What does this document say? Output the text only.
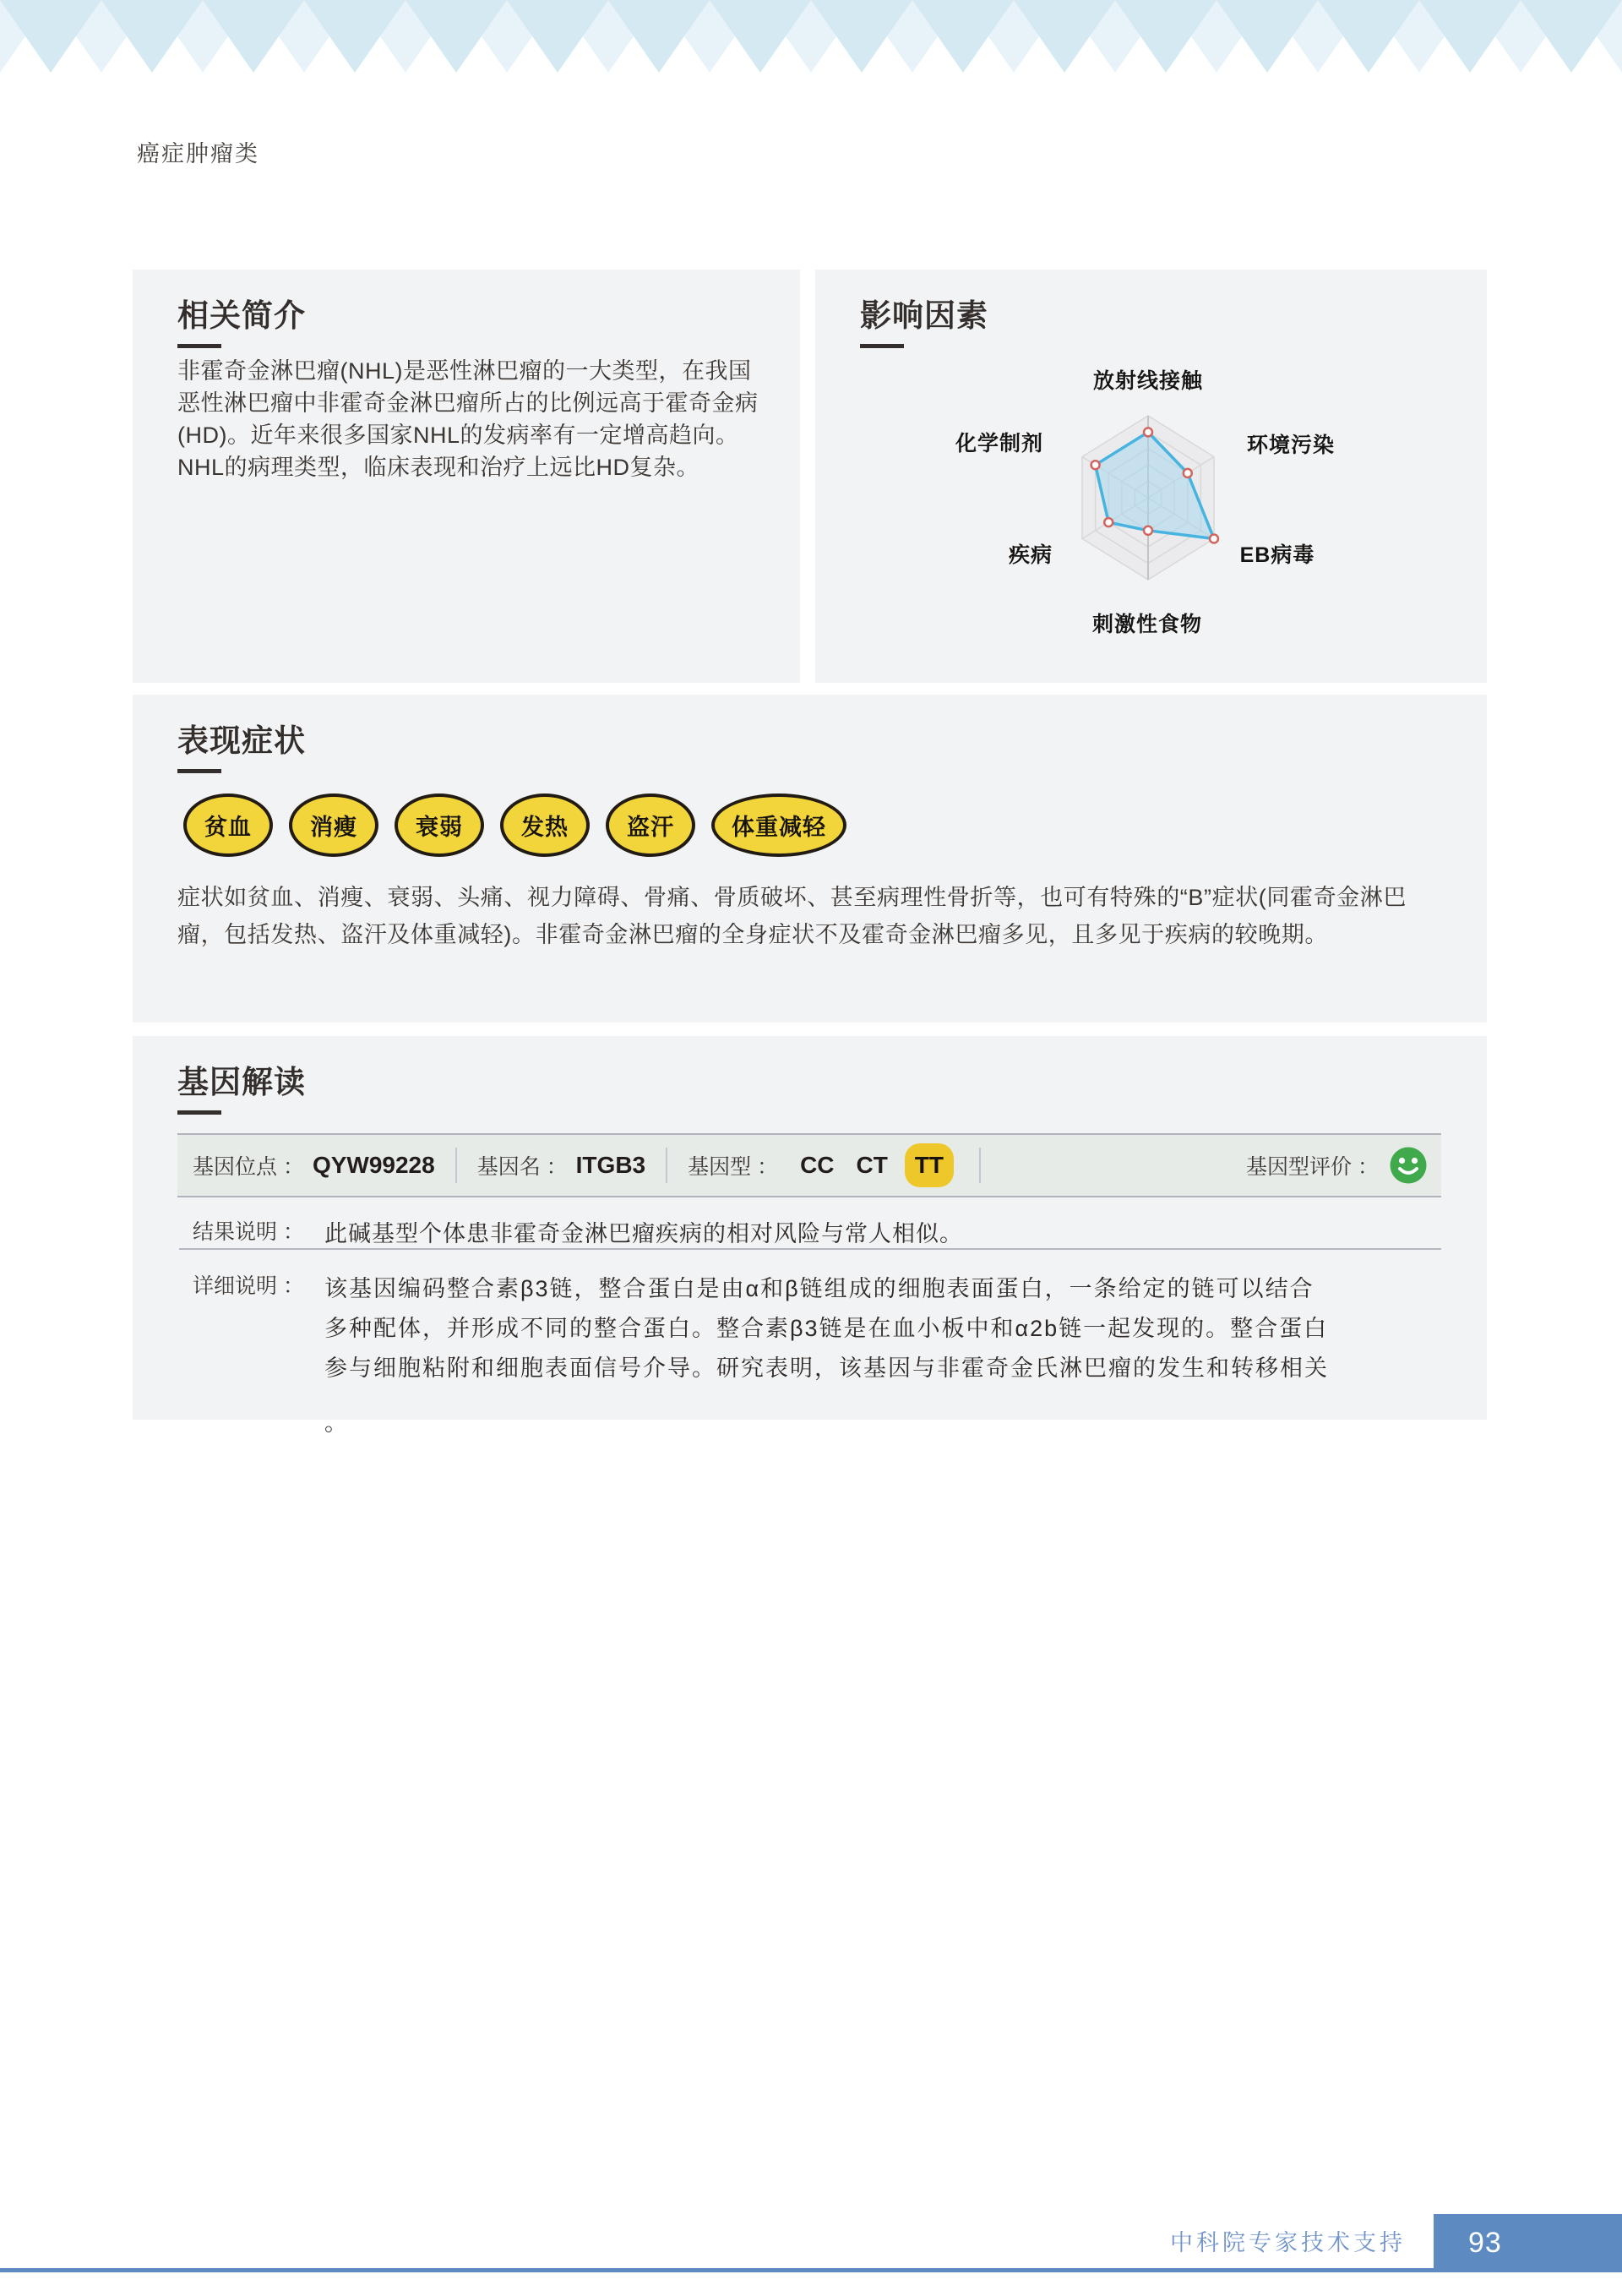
癌症肿瘤类
相关简介
非霍奇金淋巴瘤(NHL)是恶性淋巴瘤的一大类型，在我国恶性淋巴瘤中非霍奇金淋巴瘤所占的比例远高于霍奇金病(HD)。近年来很多国家NHL的发病率有一定增高趋向。NHL的病理类型，临床表现和治疗上远比HD复杂。
影响因素
放射线接触
环境污染
EB病毒
刺激性食物
疾病
化学制剂
表现症状
贫血	消瘦	衰弱	发热	盗汗	体重减轻
症状如贫血、消瘦、衰弱、头痛、视力障碍、骨痛、骨质破坏、甚至病理性骨折等，也可有特殊的“B”症状(同霍奇金淋巴瘤，包括发热、盗汗及体重减轻)。非霍奇金淋巴瘤的全身症状不及霍奇金淋巴瘤多见，且多见于疾病的较晚期。
基因解读
基因位点 ： QYW99228 基因名 ： ITGB3 基因型 ： CC CT	TT	基因型评价 ：
结果说明 ： 此碱基型个体患非霍奇金淋巴瘤疾病的相对风险与常人相似。
详细说明 ： 该基因编码整合素β3链，整合蛋白是由α和β链组成的细胞表面蛋白，一条给定的链可以结合
多种配体，并形成不同的整合蛋白。整合素β3链是在血小板中和α2b链一起发现的。整合蛋白
参与细胞粘附和细胞表面信号介导。研究表明，该基因与非霍奇金氏淋巴瘤的发生和转移相关
。
中科院专家技术支持 93
